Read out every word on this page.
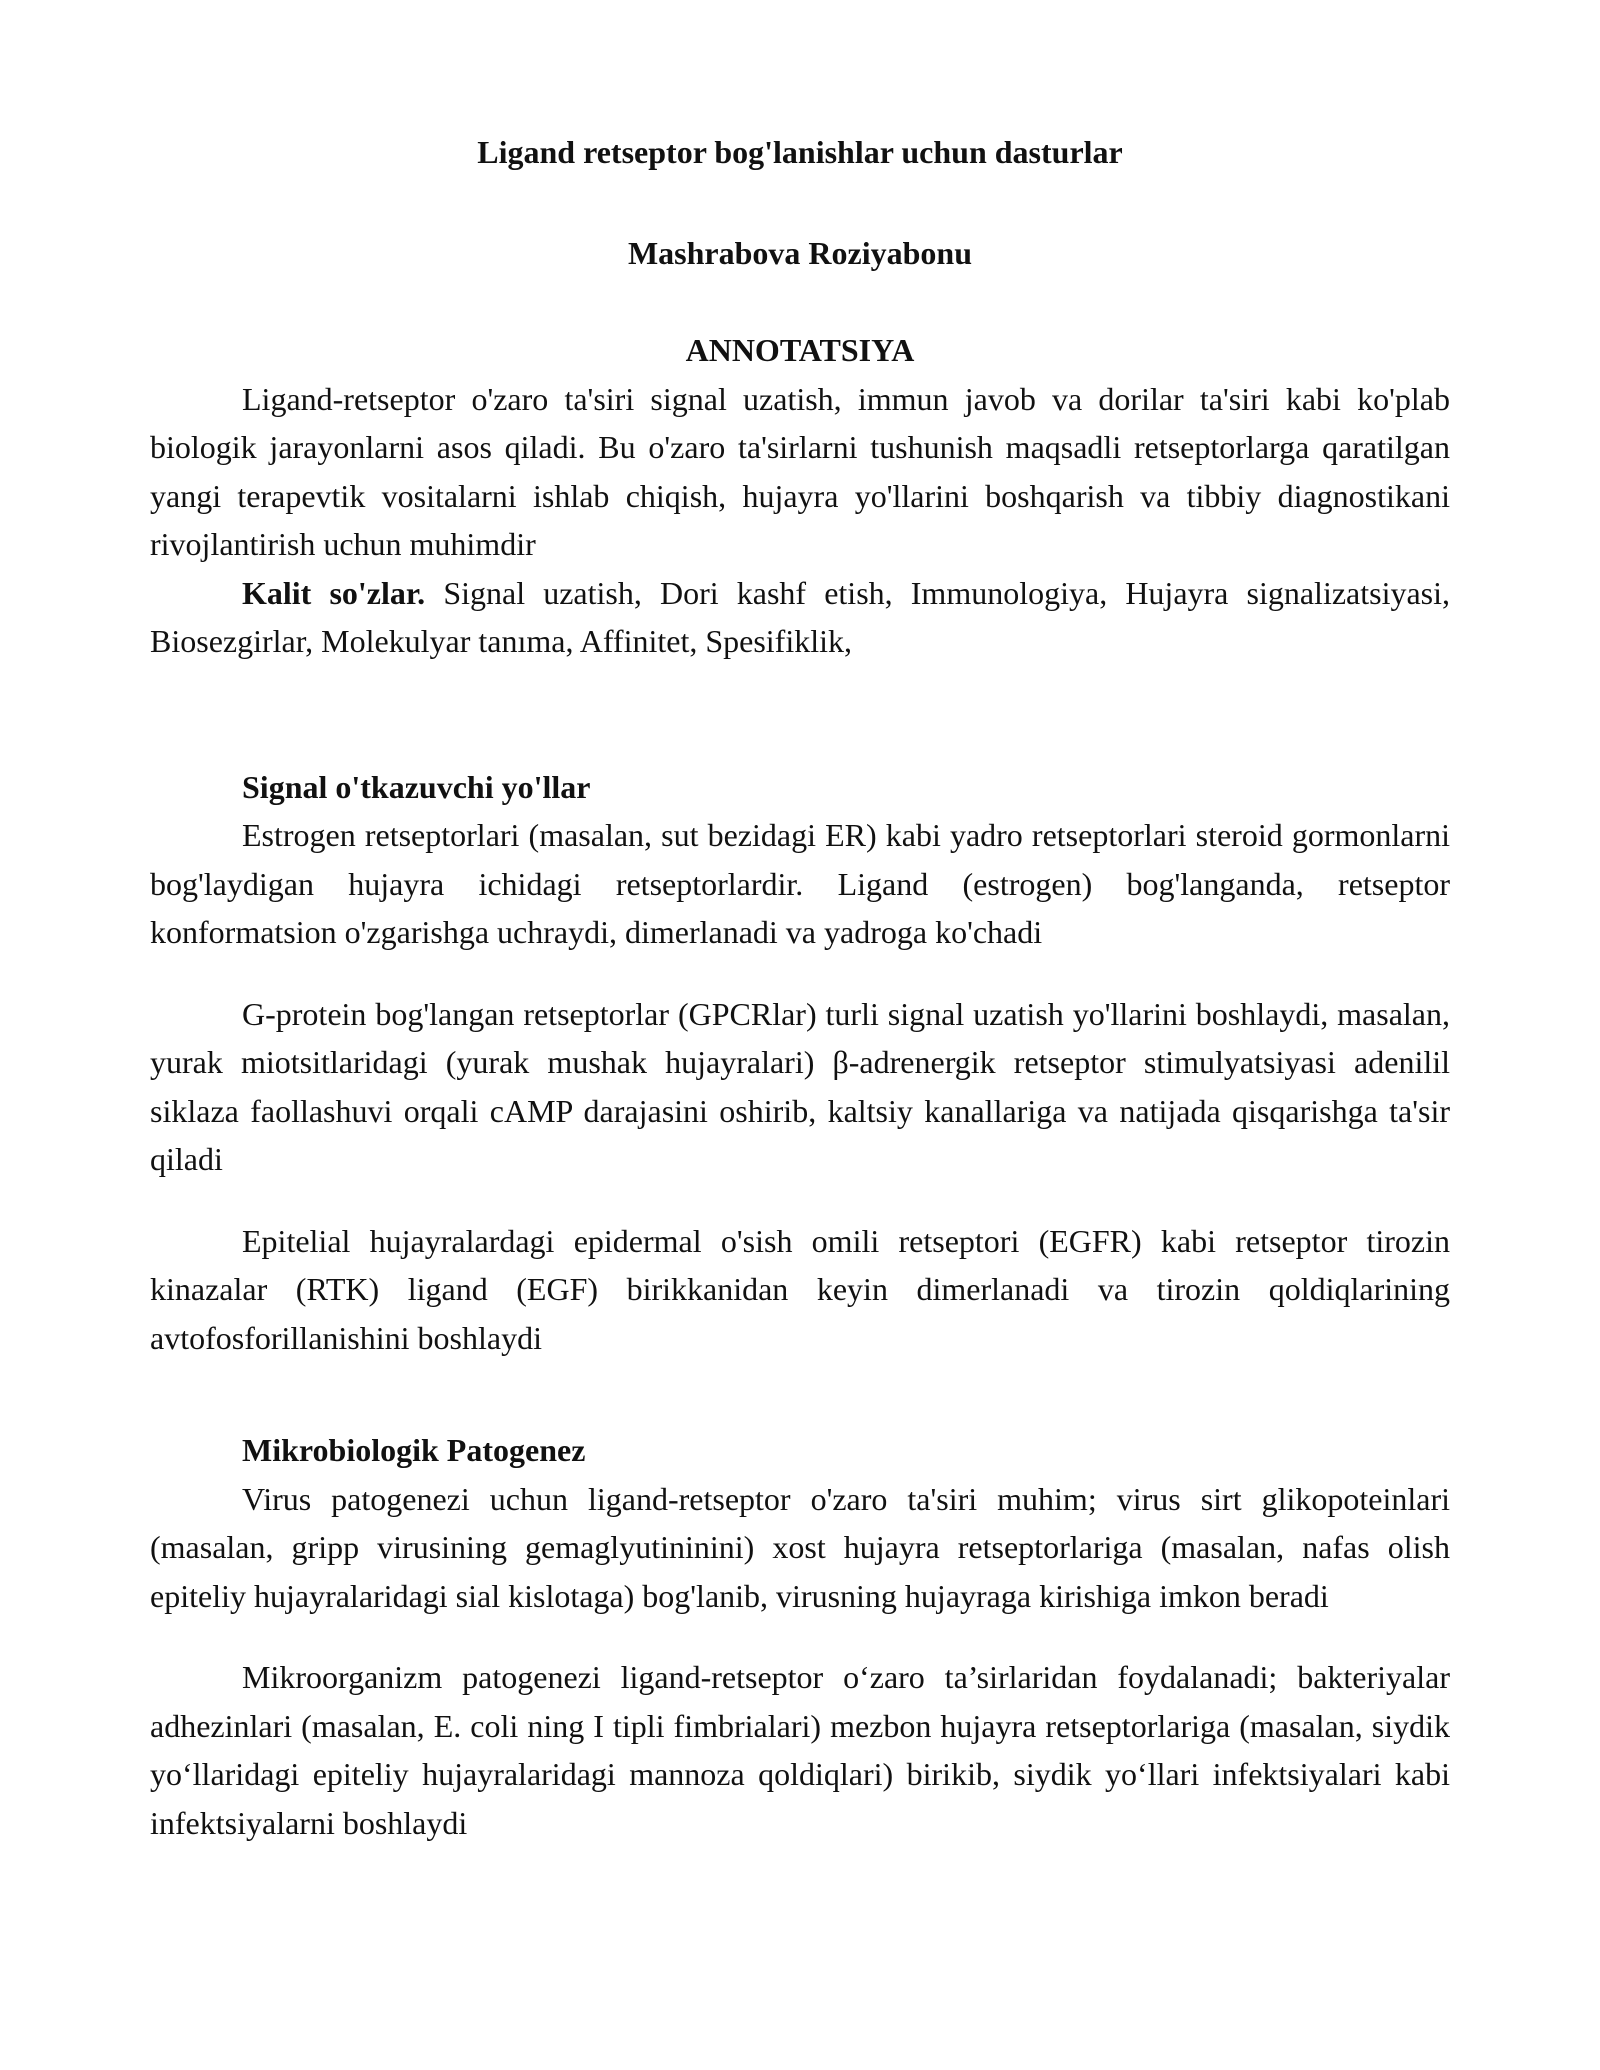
Ligand retseptor bog'lanishlar uchun dasturlar
Mashrabova Roziyabonu
ANNOTATSIYA

Ligand-retseptor o'zaro ta'siri signal uzatish, immun javob va dorilar ta'siri kabi ko'plab biologik jarayonlarni asos qiladi. Bu o'zaro ta'sirlarni tushunish maqsadli retseptorlarga qaratilgan yangi terapevtik vositalarni ishlab chiqish, hujayra yo'llarini boshqarish va tibbiy diagnostikani rivojlantirish uchun muhimdir

Kalit so'zlar. Signal uzatish, Dori kashf etish, Immunologiya, Hujayra signalizatsiyasi, Biosezgirlar, Molekulyar tanıma, Affinitet, Spesifiklik,

Signal o'tkazuvchi yo'llar

Estrogen retseptorlari (masalan, sut bezidagi ER) kabi yadro retseptorlari steroid gormonlarni bog'laydigan hujayra ichidagi retseptorlardir. Ligand (estrogen) bog'langanda, retseptor konformatsion o'zgarishga uchraydi, dimerlanadi va yadroga ko'chadi

G-protein bog'langan retseptorlar (GPCRlar) turli signal uzatish yo'llarini boshlaydi, masalan, yurak miotsitlaridagi (yurak mushak hujayralari) β-adrenergik retseptor stimulyatsiyasi adenilil siklaza faollashuvi orqali cAMP darajasini oshirib, kaltsiy kanallariga va natijada qisqarishga ta'sir qiladi

Epitelial hujayralardagi epidermal o'sish omili retseptori (EGFR) kabi retseptor tirozin kinazalar (RTK) ligand (EGF) birikkanidan keyin dimerlanadi va tirozin qoldiqlarining avtofosforillanishini boshlaydi

Mikrobiologik Patogenez

Virus patogenezi uchun ligand-retseptor o'zaro ta'siri muhim; virus sirt glikopoteinlari (masalan, gripp virusining gemaglyutininini) xost hujayra retseptorlariga (masalan, nafas olish epiteliy hujayralaridagi sial kislotaga) bog'lanib, virusning hujayraga kirishiga imkon beradi

Mikroorganizm patogenezi ligand-retseptor o‘zaro ta’sirlaridan foydalanadi; bakteriyalar adhezinlari (masalan, E. coli ning I tipli fimbrialari) mezbon hujayra retseptorlariga (masalan, siydik yo‘llaridagi epiteliy hujayralaridagi mannoza qoldiqlari) birikib, siydik yo‘llari infektsiyalari kabi infektsiyalarni boshlaydi
